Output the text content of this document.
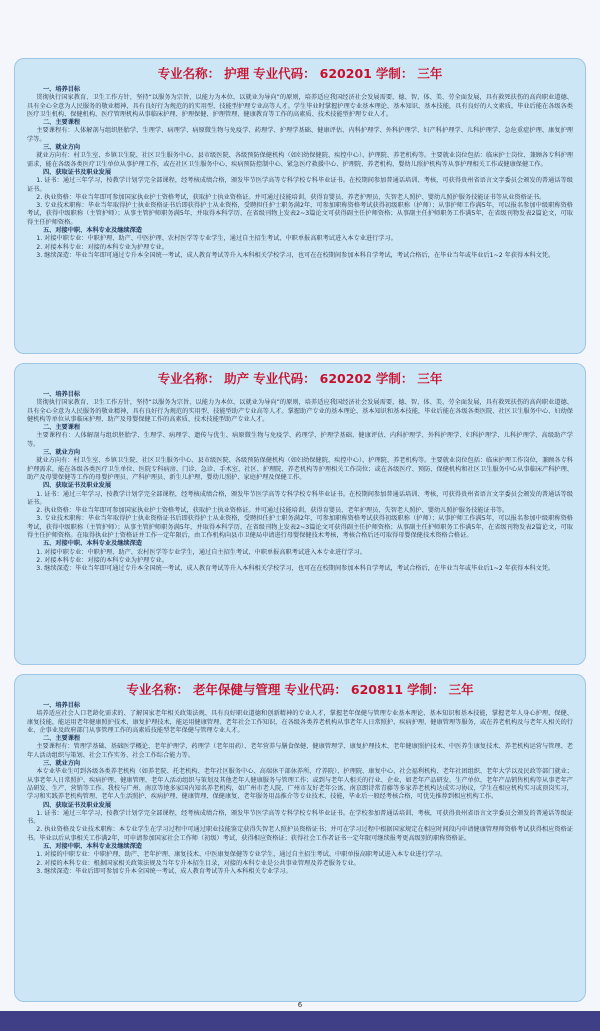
专业名称： 护理 专业代码： 620201 学制： 三年
一、培养目标

贯彻执行国家教育、卫生工作方针，坚持“以服务为宗旨、以能力为本位、以就业为导向”的原则，培养适应我国经济社会发展需要，德、智、体、美、劳全面发展，具有救死扶伤的高尚职业道德、具有全心全意为人民服务的敬业精神，具有良好行为规范的的实用型、技能型护理专业高等人才。学生毕业时掌握护理专业基本理论、基本知识、基本技能，具有良好的人文素质，毕业后能在各级各类医疗卫生机构、保健机构、医疗管理机构从事临床护理、护理保健、护理管理、健康教育等工作的高素质、技术技能型护理专业人才。

二、主要课程

主要课程有：人体解剖与组织胚胎学、生理学、病理学、病原微生物与免疫学、药理学、护理学基础、健康评估、内科护理学、外科护理学、妇产科护理学、儿科护理学、急危重症护理、康复护理学等。

三、就业方向

就业方向有：村卫生室、乡镇卫生院、社区卫生服务中心、县市级医院、各级预防保健机构（如妇幼保健院、疾控中心）、护理院、养老机构等。主要就业岗位包括：临床护士岗位、兼顾各专科护理需求，能在各级各类医疗卫生单位从事护理工作，或在社区卫生服务中心、疾病预防控制中心、紧急医疗救援中心、护理院、养老机构、婴幼儿照护机构等从事护理相关工作或健康保健工作。

四、获取证书及职业发展

1. 证书：通过三年学习，按教学计划学完全部课程，经考核成绩合格，颁发毕节医学高等专科学校专科毕业证书。在校期间参加普通话培训、考核，可获得贵州省语言文字委员会颁发的普通话等级证书。

2. 执业资格：毕业当年即可参加国家执业护士资格考试，获取护士执业资格证。并可通过技能培训，获得育婴员、养老护理员、失智老人照护、婴幼儿照护服务技能证书等从业资格证书。

3. 专业技术职称：毕业当年取得护士执业资格证书后即获得护士从业资格，受聘担任护士职务满2年，可参加职称资格考试获得初级职称（护师）；从事护师工作满5年，可以报名参加中级职称资格考试，获得中级职称（主管护师）；从事主管护师职务满5年，并取得本科学历、在省级刊物上发表2~3篇论文可获得副主任护师资格；从事副主任护师职务工作满5年，在省级刊物发表2篇论文，可取得主任护师资格。

五、对接中职、本科专业及继续深造

1. 对接中职专业：中职护理、助产、中医护理、农村医学等专业学生，通过自主招生考试、中职单报高职考试进入本专业进行学习。

2. 对接本科专业：对接的本科专业为护理专业。

3. 继续深造：毕业当年即可通过专升本全国统一考试、成人教育考试等升入本科相关学校学习，也可在在校期间参加本科自学考试，考试合格后，在毕业当年或毕业后1~2 年获得本科文凭。

专业名称： 助产 专业代码： 620202 学制： 三年
一、培养目标

贯彻执行国家教育、卫生工作方针，坚持“以服务为宗旨、以能力为本位、以就业为导向”的原则，培养适应我国经济社会发展需要，德、智、体、美、劳全面发展，具有救死扶伤的高尚职业道德、具有全心全意为人民服务的敬业精神，具有良好行为规范的实用型、技能型助产专业高等人才。掌握助产专业的基本理论、基本知识和基本技能，毕业后能在各级各类医院、社区卫生服务中心、妇幼保健机构等单位从事临床护理、助产及母婴保健工作的高素质、技术技能型助产专业人才。

二、主要课程

主要课程有：人体解剖与组织胚胎学、生理学、病理学、遗传与优生、病原微生物与免疫学、药理学、护理学基础、健康评估、内科护理学、外科护理学、妇科护理学、儿科护理学、高级助产学等。

三、就业方向

就业方向有：村卫生室、乡镇卫生院、社区卫生服务中心、县市级医院、各级预防保健机构（如妇幼保健院、疾控中心）、护理院、养老机构等。主要就业岗位包括：临床护理工作岗位，兼顾各专科护理需求，能在各级各类医疗卫生单位、医院专科病房、门诊、急诊、手术室、社区、护理院、养老机构等护理相关工作岗位；或在各级医疗、预防、保健机构和社区卫生服务中心从事临床产科护理、助产及母婴保健等工作的母婴护理员、产科护理员、新生儿护理、婴幼儿照护、家庭护理及保健工作。

四、获取证书及职业发展

1. 证书：通过三年学习，按教学计划学完全部课程，经考核成绩合格，颁发毕节医学高等专科学校专科毕业证书。在校期间参加普通话培训、考核，可获得贵州省语言文字委员会颁发的普通话等级证书。

2. 执业资格：毕业当年即可参加国家执业护士资格考试，获取护士执业资格证。并可通过技能培训，获得育婴员、老年护理员、失智老人照护、婴幼儿照护服务技能证书等。

3. 专业技术职称：毕业当年取得护士执业资格证书后即获得护士从业资格，受聘担任护士职务满2年，可参加职称资格考试获得初级职称（护师）；从事护师工作满5年，可以报名参加中级职称资格考试，获得中级职称（主管护师）；从事主管护师职务满5年，并取得本科学历，在省级刊物上发表2~3篇论文可获得副主任护师资格；从事副主任护师职务工作满5年，在省级刊物发表2篇论文，可取得主任护师资格。在取得执业护士资格证并工作一定年限后，由工作机构向县市卫健局申请进行母婴保健技术考核，考核合格后还可取得母婴保健技术资格合格证。

五、对接中职、本科专业及继续深造

1. 对接中职专业：中职护理、助产、农村医学等专业学生，通过自主招生考试、中职单报高职考试进入本专业进行学习。

2. 对接本科专业：对接的本科专业为护理专业。

3. 继续深造：毕业当年即可通过专升本全国统一考试、成人教育考试等升入本科相关学校学习，也可在在校期间参加本科自学考试，考试合格后，在毕业当年或毕业后1~2 年获得本科文凭。

专业名称： 老年保健与管理 专业代码： 620811 学制： 三年
一、培养目标

培养适应社会人口老龄化需求的、了解国家老年相关政策法规、具有良好职业道德和创新精神的专业人才，掌握老年保健与管理专业基本理论、基本知识和基本技能，掌握老年人身心护理、保健、康复技能，能运用老年健康照护技术、康复护理技术，能运用健康管理、老年社会工作知识，在各级各类养老机构从事老年人日常照护、疾病护理、健康管理等服务，或在养老机构及与老年人相关的行业、企事业及政府部门从事管理工作的高素质技能型老年保健与管理专业人才。

二、主要课程

主要课程有：管理学基础、基础医学概论、老年护理学、药理学（老年用药）、老年营养与膳食保健、健康管理学、康复护理技术、老年健康照护技术、中医养生康复技术、养老机构运营与管理、老年人活动组织与策划、社会工作实务、社会工作综合能力等。

三、就业方向

本专业毕业生可到各级各类养老机构（如养老院、托老机构、老年社区服务中心、高端休干部休养所、疗养院）、护理院、康复中心、社会福利机构、老年社团组织、老年大学以及民政等部门就业；从事老年人日常照护、疾病护理、健康管理、老年人活动组织与策划及其他老年人健康服务与管理工作；或到与老年人相关的行业、企业，如老年产品研发、生产单位，老年产品销售机构等从事老年产品研发、生产、营销等工作。我校与广州、南京等地多家国内知名养老机构，如广州市老人院、广州市友好老年公寓、南京朗诗常青藤等多家养老机构达成实习协议，学生在相应机构实习或顶岗实习，学习和实践养老机构管理、老年人生活照护、疾病护理、健康管理、保健康复、老年服务用品推介等专业技术、技能，毕业后一般经考核合格，可优先推荐到相应机构工作。

四、获取证书及职业发展

1. 证书：通过三年学习，按教学计划学完全部课程，经考核成绩合格，颁发毕节医学高等专科学校专科毕业证书。在学校参加普通话培训、考核，可获得贵州省语言文字委员会颁发的普通话等级证书。

2. 执业资格及专业技术职称：本专业学生在学习过程中可通过职业技能鉴定获得失智老人照护员资格证书；并可在学习过程中根据国家规定在相应时间段内申请健康管理师资格考试获得相应资格证书。毕业以后从事相关工作满2年，可申请参加国家社会工作师（初级）考试，获得相应资格证；获得社会工作者证书一定年限可继续报考更高级别的职称资格证。

五、对接中职、本科专业及继续深造

1. 对接的中职专业：中职护理、助产、老年护理、康复技术、中医康复保健等专业学生，通过自主招生考试、中职单报高职考试进入本专业进行学习。

2. 对接的本科专业：根据国家相关政策法规及当年专升本招生目录，对接的本科专业是公共事业管理及养老服务专业。

3. 继续深造：毕业后即可参加专升本全国统一考试、成人教育考试等升入本科相关专业学习。

6
